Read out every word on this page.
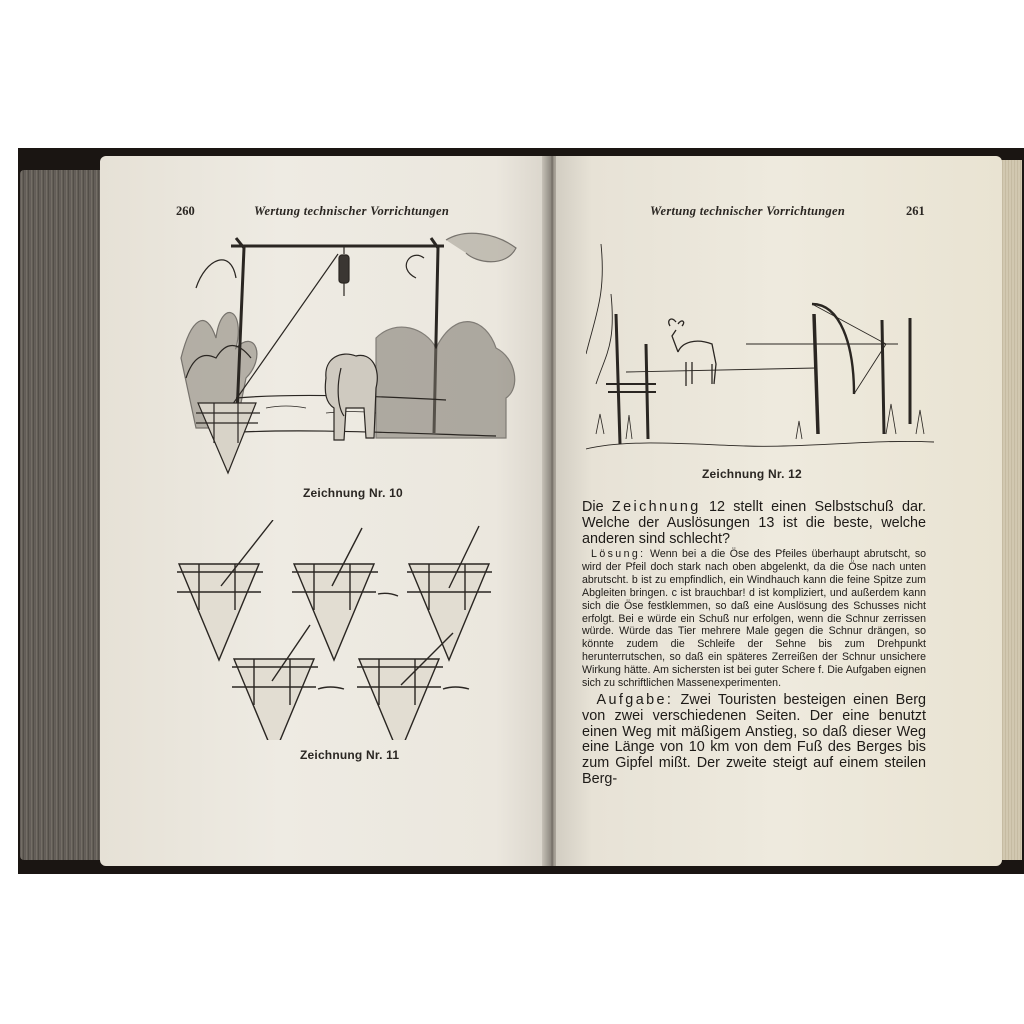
260	Wertung technischer Vorrichtungen
Zeichnung Nr. 10
Zeichnung Nr. 11
Wertung technischer Vorrichtungen	261
Zeichnung Nr. 12

Die Zeichnung 12 stellt einen Selbstschuß dar. Welche der Auslösungen 13 ist die beste, welche anderen sind schlecht?

Lösung: Wenn bei a die Öse des Pfeiles überhaupt abrutscht, so wird der Pfeil doch stark nach oben abgelenkt, da die Öse nach unten abrutscht. b ist zu empfindlich, ein Windhauch kann die feine Spitze zum Abgleiten bringen. c ist brauchbar! d ist kompliziert, und außerdem kann sich die Öse festklemmen, so daß eine Auslösung des Schusses nicht erfolgt. Bei e würde ein Schuß nur erfolgen, wenn die Schnur zerrissen würde. Würde das Tier mehrere Male gegen die Schnur drängen, so könnte zudem die Schleife der Sehne bis zum Drehpunkt herunterrutschen, so daß ein späteres Zerreißen der Schnur unsichere Wirkung hätte. Am sichersten ist bei guter Schere f. Die Aufgaben eignen sich zu schriftlichen Massenexperimenten.

Aufgabe: Zwei Touristen besteigen einen Berg von zwei verschiedenen Seiten. Der eine benutzt einen Weg mit mäßigem Anstieg, so daß dieser Weg eine Länge von 10 km von dem Fuß des Berges bis zum Gipfel mißt. Der zweite steigt auf einem steilen Berg-
